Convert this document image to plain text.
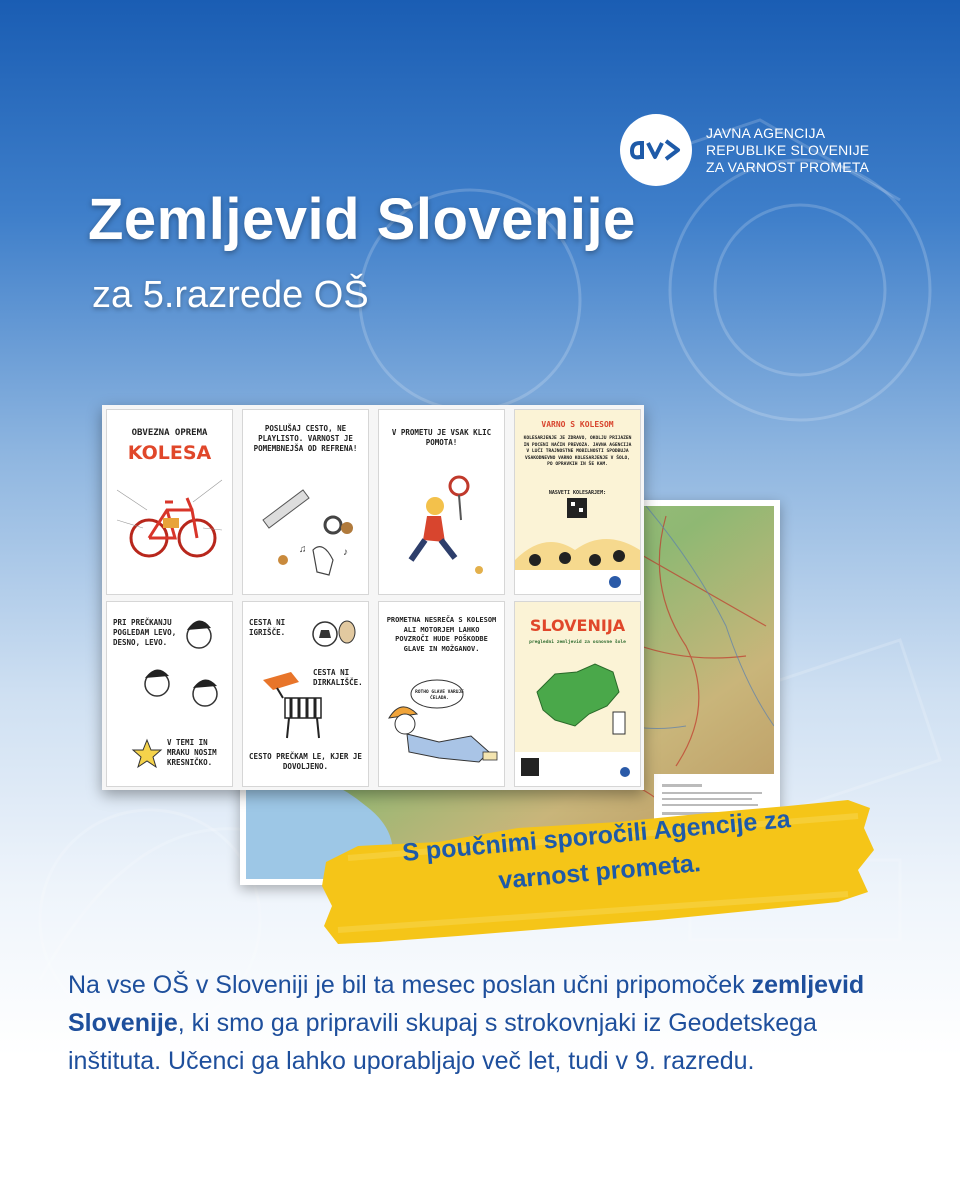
JAVNA AGENCIJA
REPUBLIKE SLOVENIJE
ZA VARNOST PROMETA
Zemljevid Slovenije
za 5.razrede OŠ
OBVEZNA OPREMA
KOLESA
POSLUŠAJ CESTO, NE PLAYLISTO. VARNOST JE POMEMBNEJŠA OD REFRENA!
♪
♫
V PROMETU JE VSAK KLIC POMOTA!
VARNO S KOLESOM
KOLESARJENJE JE ZDRAVO, OKOLJU PRIJAZEN IN POCENI NAČIN PREVOZA. JAVNA AGENCIJA V LUČI TRAJNOSTNE MOBILNOSTI SPODBUJA VSAKODNEVNO VARNO KOLESARJENJE V ŠOLO, PO OPRAVKIH IN ŠE KAM.
NASVETI KOLESARJEM:
PRI PREČKANJU POGLEDAM LEVO, DESNO, LEVO.
V TEMI IN MRAKU NOSIM KRESNIČKO.
CESTA NI IGRIŠČE.
CESTA NI DIRKALIŠČE.
CESTO PREČKAM LE, KJER JE DOVOLJENO.
PROMETNA NESREČA S KOLESOM ALI MOTORJEM LAHKO POVZROČI HUDE POŠKODBE GLAVE IN MOŽGANOV.
ROTHO GLAVE VARUJE ČELADA.
SLOVENIJA
pregledni zemljevid za osnovne šole
S poučnimi sporočili Agencije za varnost prometa.

Na vse OŠ v Sloveniji je bil ta mesec poslan učni pripomoček zemljevid Slovenije, ki smo ga pripravili skupaj s strokovnjaki iz Geodetskega inštituta. Učenci ga lahko uporabljajo več let, tudi v 9. razredu.
